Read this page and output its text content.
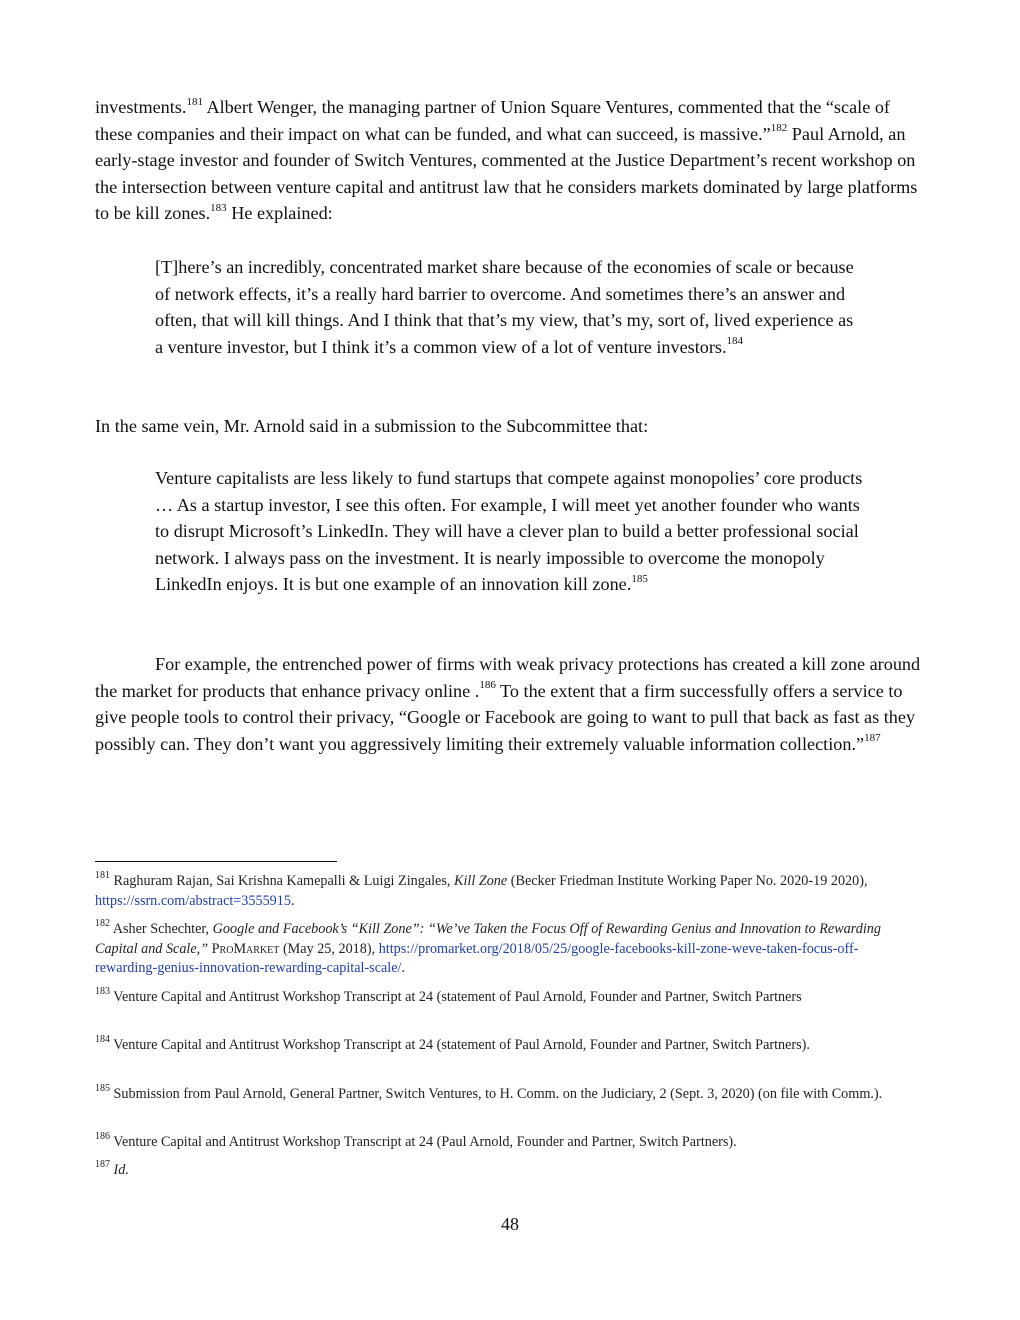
investments.$^{181}$ Albert Wenger, the managing partner of Union Square Ventures, commented that the “scale of these companies and their impact on what can be funded, and what can succeed, is massive.”$^{182}$ Paul Arnold, an early-stage investor and founder of Switch Ventures, commented at the Justice Department’s recent workshop on the intersection between venture capital and antitrust law that he considers markets dominated by large platforms to be kill zones.$^{183}$ He explained:

[T]here’s an incredibly, concentrated market share because of the economies of scale or because of network effects, it’s a really hard barrier to overcome. And sometimes there’s an answer and often, that will kill things. And I think that that’s my view, that’s my, sort of, lived experience as a venture investor, but I think it’s a common view of a lot of venture investors.$^{184}$

In the same vein, Mr. Arnold said in a submission to the Subcommittee that:

Venture capitalists are less likely to fund startups that compete against monopolies’ core products … As a startup investor, I see this often. For example, I will meet yet another founder who wants to disrupt Microsoft’s LinkedIn. They will have a clever plan to build a better professional social network. I always pass on the investment. It is nearly impossible to overcome the monopoly LinkedIn enjoys. It is but one example of an innovation kill zone.$^{185}$

For example, the entrenched power of firms with weak privacy protections has created a kill zone around the market for products that enhance privacy online .$^{186}$ To the extent that a firm successfully offers a service to give people tools to control their privacy, “Google or Facebook are going to want to pull that back as fast as they possibly can. They don’t want you aggressively limiting their extremely valuable information collection.”$^{187}$

$^{181}$ Raghuram Rajan, Sai Krishna Kamepalli & Luigi Zingales, Kill Zone (Becker Friedman Institute Working Paper No. 2020-19 2020), https://ssrn.com/abstract=3555915.

$^{182}$ Asher Schechter, Google and Facebook’s “Kill Zone”: “We’ve Taken the Focus Off of Rewarding Genius and Innovation to Rewarding Capital and Scale,” ProMarket (May 25, 2018), https://promarket.org/2018/05/25/google-facebooks-kill-zone-weve-taken-focus-off-rewarding-genius-innovation-rewarding-capital-scale/.

$^{183}$ Venture Capital and Antitrust Workshop Transcript at 24 (statement of Paul Arnold, Founder and Partner, Switch Partners

$^{184}$ Venture Capital and Antitrust Workshop Transcript at 24 (statement of Paul Arnold, Founder and Partner, Switch Partners).

$^{185}$ Submission from Paul Arnold, General Partner, Switch Ventures, to H. Comm. on the Judiciary, 2 (Sept. 3, 2020) (on file with Comm.).

$^{186}$ Venture Capital and Antitrust Workshop Transcript at 24 (Paul Arnold, Founder and Partner, Switch Partners).

$^{187}$ Id.

48
